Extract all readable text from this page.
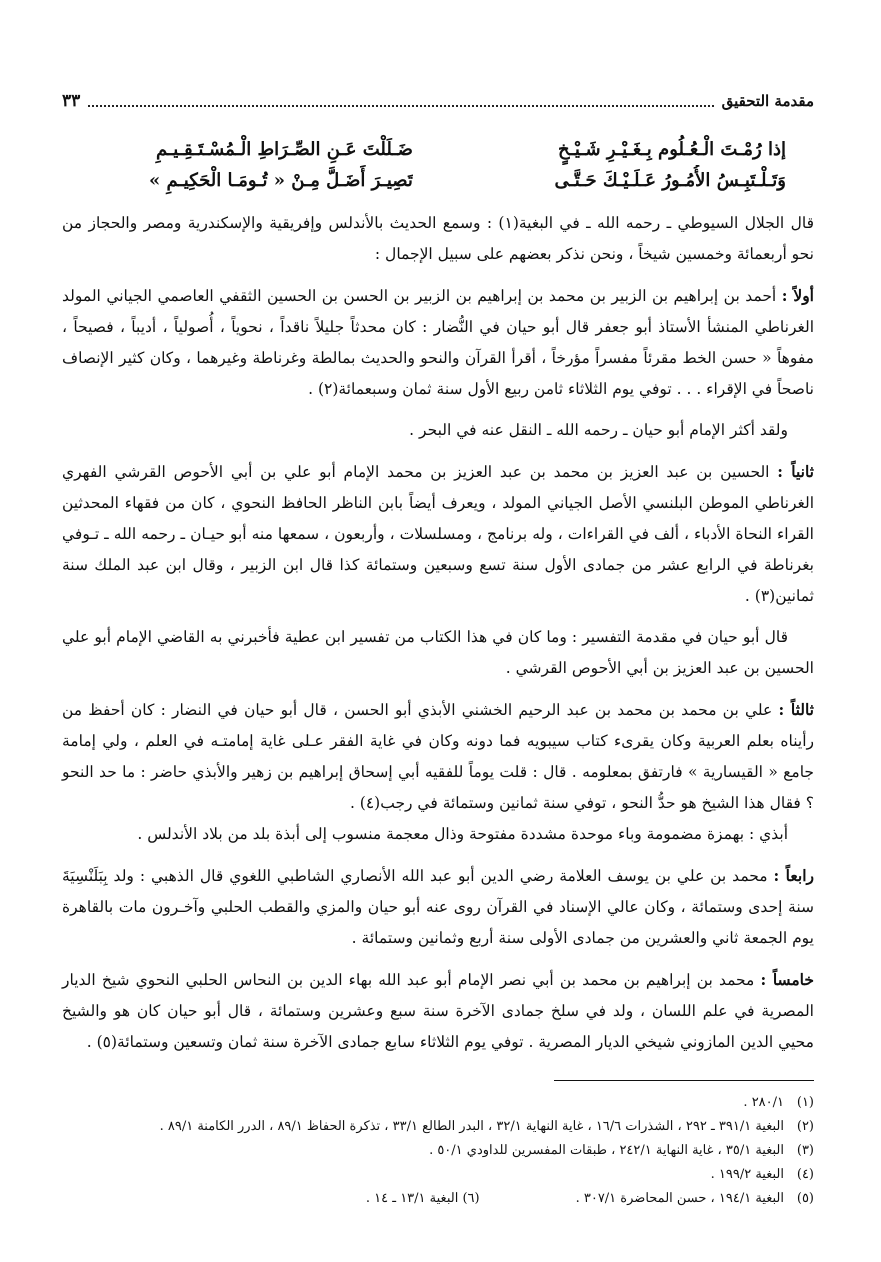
مقدمة التحقيق
٣٣
إذا رُمْـتَ الْـعُـلُوم بِـغَـيْـرِ شَـيْـخٍ
ضَـلَلْتَ عَـنِ الصِّـرَاطِ الْـمُسْـتَـقِـيـمِ
وَتَـلْـتَبِـسُ الأُمُـورُ عَـلَـيْـكَ حَـتَّـى
تَصِيـرَ أَضَـلَّ مِـنْ « تُـومَـا الْحَكِيـمِ »

قال الجلال السيوطي ـ رحمه الله ـ في البغية(١) : وسمع الحديث بالأندلس وإفريقية والإسكندرية ومصر والحجاز من نحو أربعمائة وخمسين شيخاً ، ونحن نذكر بعضهم على سبيل الإجمال :

أولاً : أحمد بن إبراهيم بن الزبير بن محمد بن إبراهيم بن الزبير بن الحسن بن الحسين الثقفي العاصمي الجياني المولد الغرناطي المنشأ الأستاذ أبو جعفر قال أبو حيان في النُّضار : كان محدثاً جليلاً ناقداً ، نحوياً ، أُصولياً ، أديباً ، فصيحاً ، مفوهاً « حسن الخط مقرئاً مفسراً مؤرخاً ، أقرأ القرآن والنحو والحديث بمالطة وغرناطة وغيرهما ، وكان كثير الإنصاف ناصحاً في الإقراء . . . توفي يوم الثلاثاء ثامن ربيع الأول سنة ثمان وسبعمائة(٢) .

ولقد أكثر الإمام أبو حيان ـ رحمه الله ـ النقل عنه في البحر .

ثانياً : الحسين بن عبد العزيز بن محمد بن عبد العزيز بن محمد الإمام أبو علي بن أبي الأحوص القرشي الفهري الغرناطي الموطن البلنسي الأصل الجياني المولد ، ويعرف أيضاً بابن الناظر الحافظ النحوي ، كان من فقهاء المحدثين القراء النحاة الأدباء ، ألف في القراءات ، وله برنامج ، ومسلسلات ، وأربعون ، سمعها منه أبو حيـان ـ رحمه الله ـ تـوفي بغرناطة في الرابع عشر من جمادى الأول سنة تسع وسبعين وستمائة كذا قال ابن الزبير ، وقال ابن عبد الملك سنة ثمانين(٣) .

قال أبو حيان في مقدمة التفسير : وما كان في هذا الكتاب من تفسير ابن عطية فأخبرني به القاضي الإمام أبو علي الحسين بن عبد العزيز بن أبي الأحوص القرشي .

ثالثاً : علي بن محمد بن محمد بن عبد الرحيم الخشني الأبذي أبو الحسن ، قال أبو حيان في النضار : كان أحفظ من رأيناه بعلم العربية وكان يقرىء كتاب سيبويه فما دونه وكان في غاية الفقر عـلى غاية إمامتـه في العلم ، ولي إمامة جامع « القيسارية » فارتفق بمعلومه . قال : قلت يوماً للفقيه أبي إسحاق إبراهيم بن زهير والأبذي حاضر : ما حد النحو ؟ فقال هذا الشيخ هو حدُّ النحو ، توفي سنة ثمانين وستمائة في رجب(٤) .

أبذي : بهمزة مضمومة وباء موحدة مشددة مفتوحة وذال معجمة منسوب إلى أبذة بلد من بلاد الأندلس .

رابعاً : محمد بن علي بن يوسف العلامة رضي الدين أبو عبد الله الأنصاري الشاطبي اللغوي قال الذهبي : ولد بِبَلَنْسِيَةَ سنة إحدى وستمائة ، وكان عالي الإسناد في القرآن روى عنه أبو حيان والمزي والقطب الحلبي وآخـرون مات بالقاهرة يوم الجمعة ثاني والعشرين من جمادى الأولى سنة أربع وثمانين وستمائة .

خامساً : محمد بن إبراهيم بن محمد بن أبي نصر الإمام أبو عبد الله بهاء الدين بن النحاس الحلبي النحوي شيخ الديار المصرية في علم اللسان ، ولد في سلخ جمادى الآخرة سنة سبع وعشرين وستمائة ، قال أبو حيان كان هو والشيخ محيي الدين المازوني شيخي الديار المصرية . توفي يوم الثلاثاء سابع جمادى الآخرة سنة ثمان وتسعين وستمائة(٥) .

(١)
٢٨٠/١ .
(٢)
البغية ٣٩١/١ ـ ٢٩٢ ، الشذرات ١٦/٦ ، غاية النهاية ٣٢/١ ، البدر الطالع ٣٣/١ ، تذكرة الحفاظ ٨٩/١ ، الدرر الكامنة ٨٩/١ .
(٣)
البغية ٣٥/١ ، غاية النهاية ٢٤٢/١ ، طبقات المفسرين للداودي ٥٠/١ .
(٤)
البغية ١٩٩/٢ .
(٥)
البغية ١٩٤/١ ، حسن المحاضرة ٣٠٧/١ .
(٦) البغية ١٣/١ ـ ١٤ .
